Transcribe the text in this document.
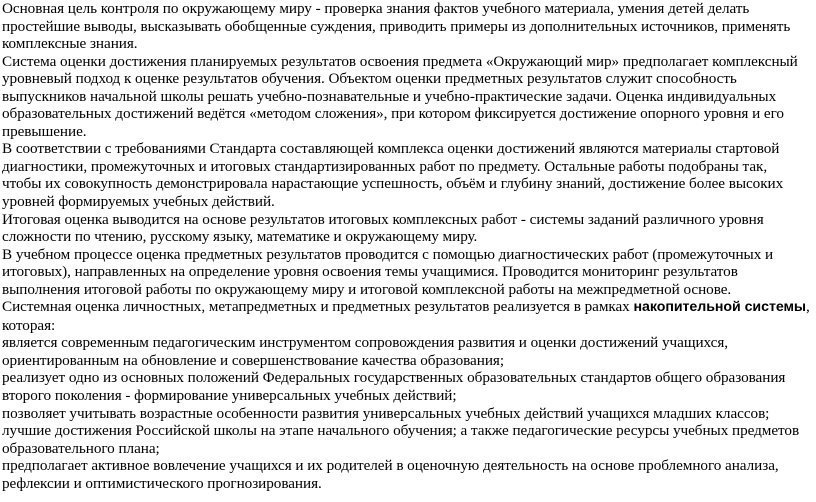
Основная цель контроля по окружающему миру - проверка знания фактов учебного материала, умения детей делать простейшие выводы, высказывать обобщенные суждения, приводить примеры из дополнительных источников, применять комплексные знания.

Система оценки достижения планируемых результатов освоения предмета «Окружающий мир» предполагает комплексный уровневый подход к оценке результатов обучения. Объектом оценки предметных результатов служит способность выпускников начальной школы решать учебно-познавательные и учебно-практические задачи. Оценка индивидуальных образовательных достижений ведётся «методом сложения», при котором фиксируется достижение опорного уровня и его превышение.

В соответствии с требованиями Стандарта составляющей комплекса оценки достижений являются материалы стартовой диагностики, промежуточных и итоговых стандартизированных работ по предмету. Остальные работы подобраны так, чтобы их совокупность демонстрировала нарастающие успешность, объём и глубину знаний, достижение более высоких уровней формируемых учебных действий.

Итоговая оценка выводится на основе результатов итоговых комплексных работ - системы заданий различного уровня сложности по чтению, русскому языку, математике и окружающему миру.

В учебном процессе оценка предметных результатов проводится с помощью диагностических работ (промежуточных и итоговых), направленных на определение уровня освоения темы учащимися. Проводится мониторинг результатов выполнения итоговой работы по окружающему миру и итоговой комплексной работы на межпредметной основе.

Системная оценка личностных, метапредметных и предметных результатов реализуется в рамках накопительной системы, которая:

является современным педагогическим инструментом сопровождения развития и оценки достижений учащихся, ориентированным на обновление и совершенствование качества образования;

реализует одно из основных положений Федеральных государственных образовательных стандартов общего образования второго поколения - формирование универсальных учебных действий;

позволяет учитывать возрастные особенности развития универсальных учебных действий учащихся младших классов;

лучшие достижения Российской школы на этапе начального обучения; а также педагогические ресурсы учебных предметов образовательного плана;

предполагает активное вовлечение учащихся и их родителей в оценочную деятельность на основе проблемного анализа, рефлексии и оптимистического прогнозирования.
